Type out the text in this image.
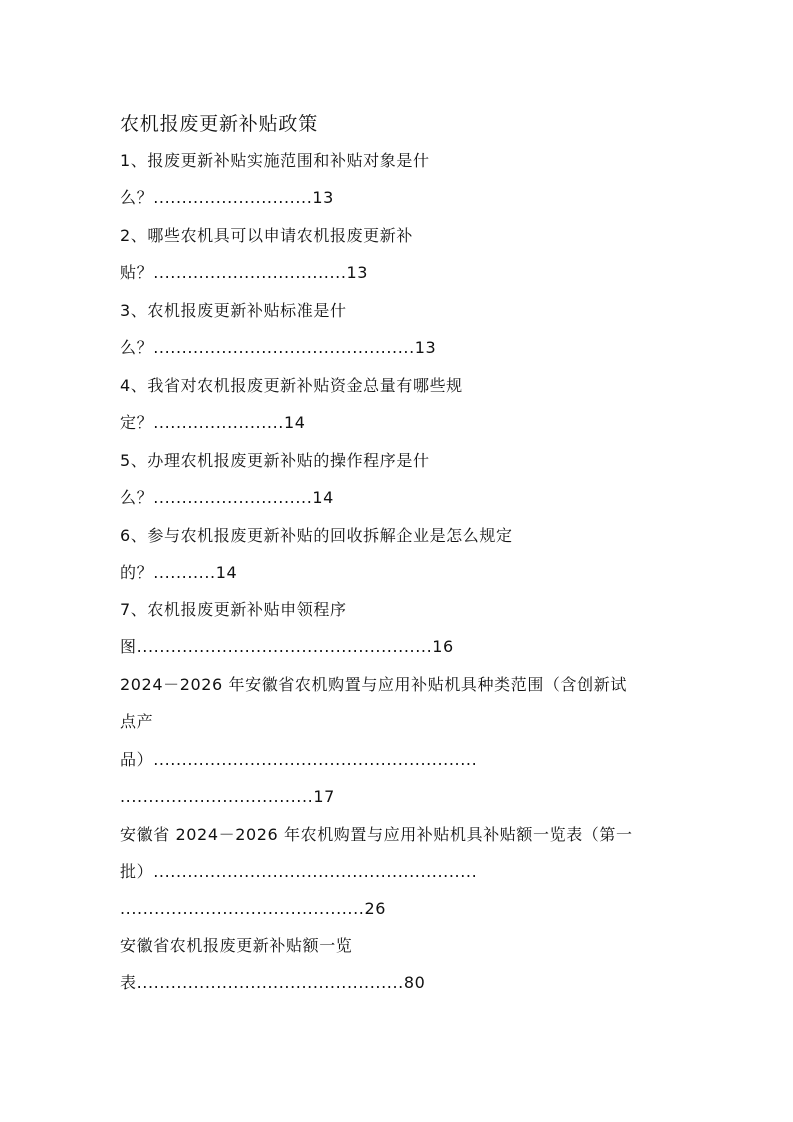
农机报废更新补贴政策
1、报废更新补贴实施范围和补贴对象是什
么？............................13
2、哪些农机具可以申请农机报废更新补
贴？..................................13
3、农机报废更新补贴标准是什
么？..............................................13
4、我省对农机报废更新补贴资金总量有哪些规
定？.......................14
5、办理农机报废更新补贴的操作程序是什
么？............................14
6、参与农机报废更新补贴的回收拆解企业是怎么规定
的？...........14
7、农机报废更新补贴申领程序
图....................................................16
2024－2026 年安徽省农机购置与应用补贴机具种类范围（含创新试
点产
品）.........................................................
..................................17
安徽省 2024－2026 年农机购置与应用补贴机具补贴额一览表（第一
批）.........................................................
...........................................26
安徽省农机报废更新补贴额一览
表...............................................80
